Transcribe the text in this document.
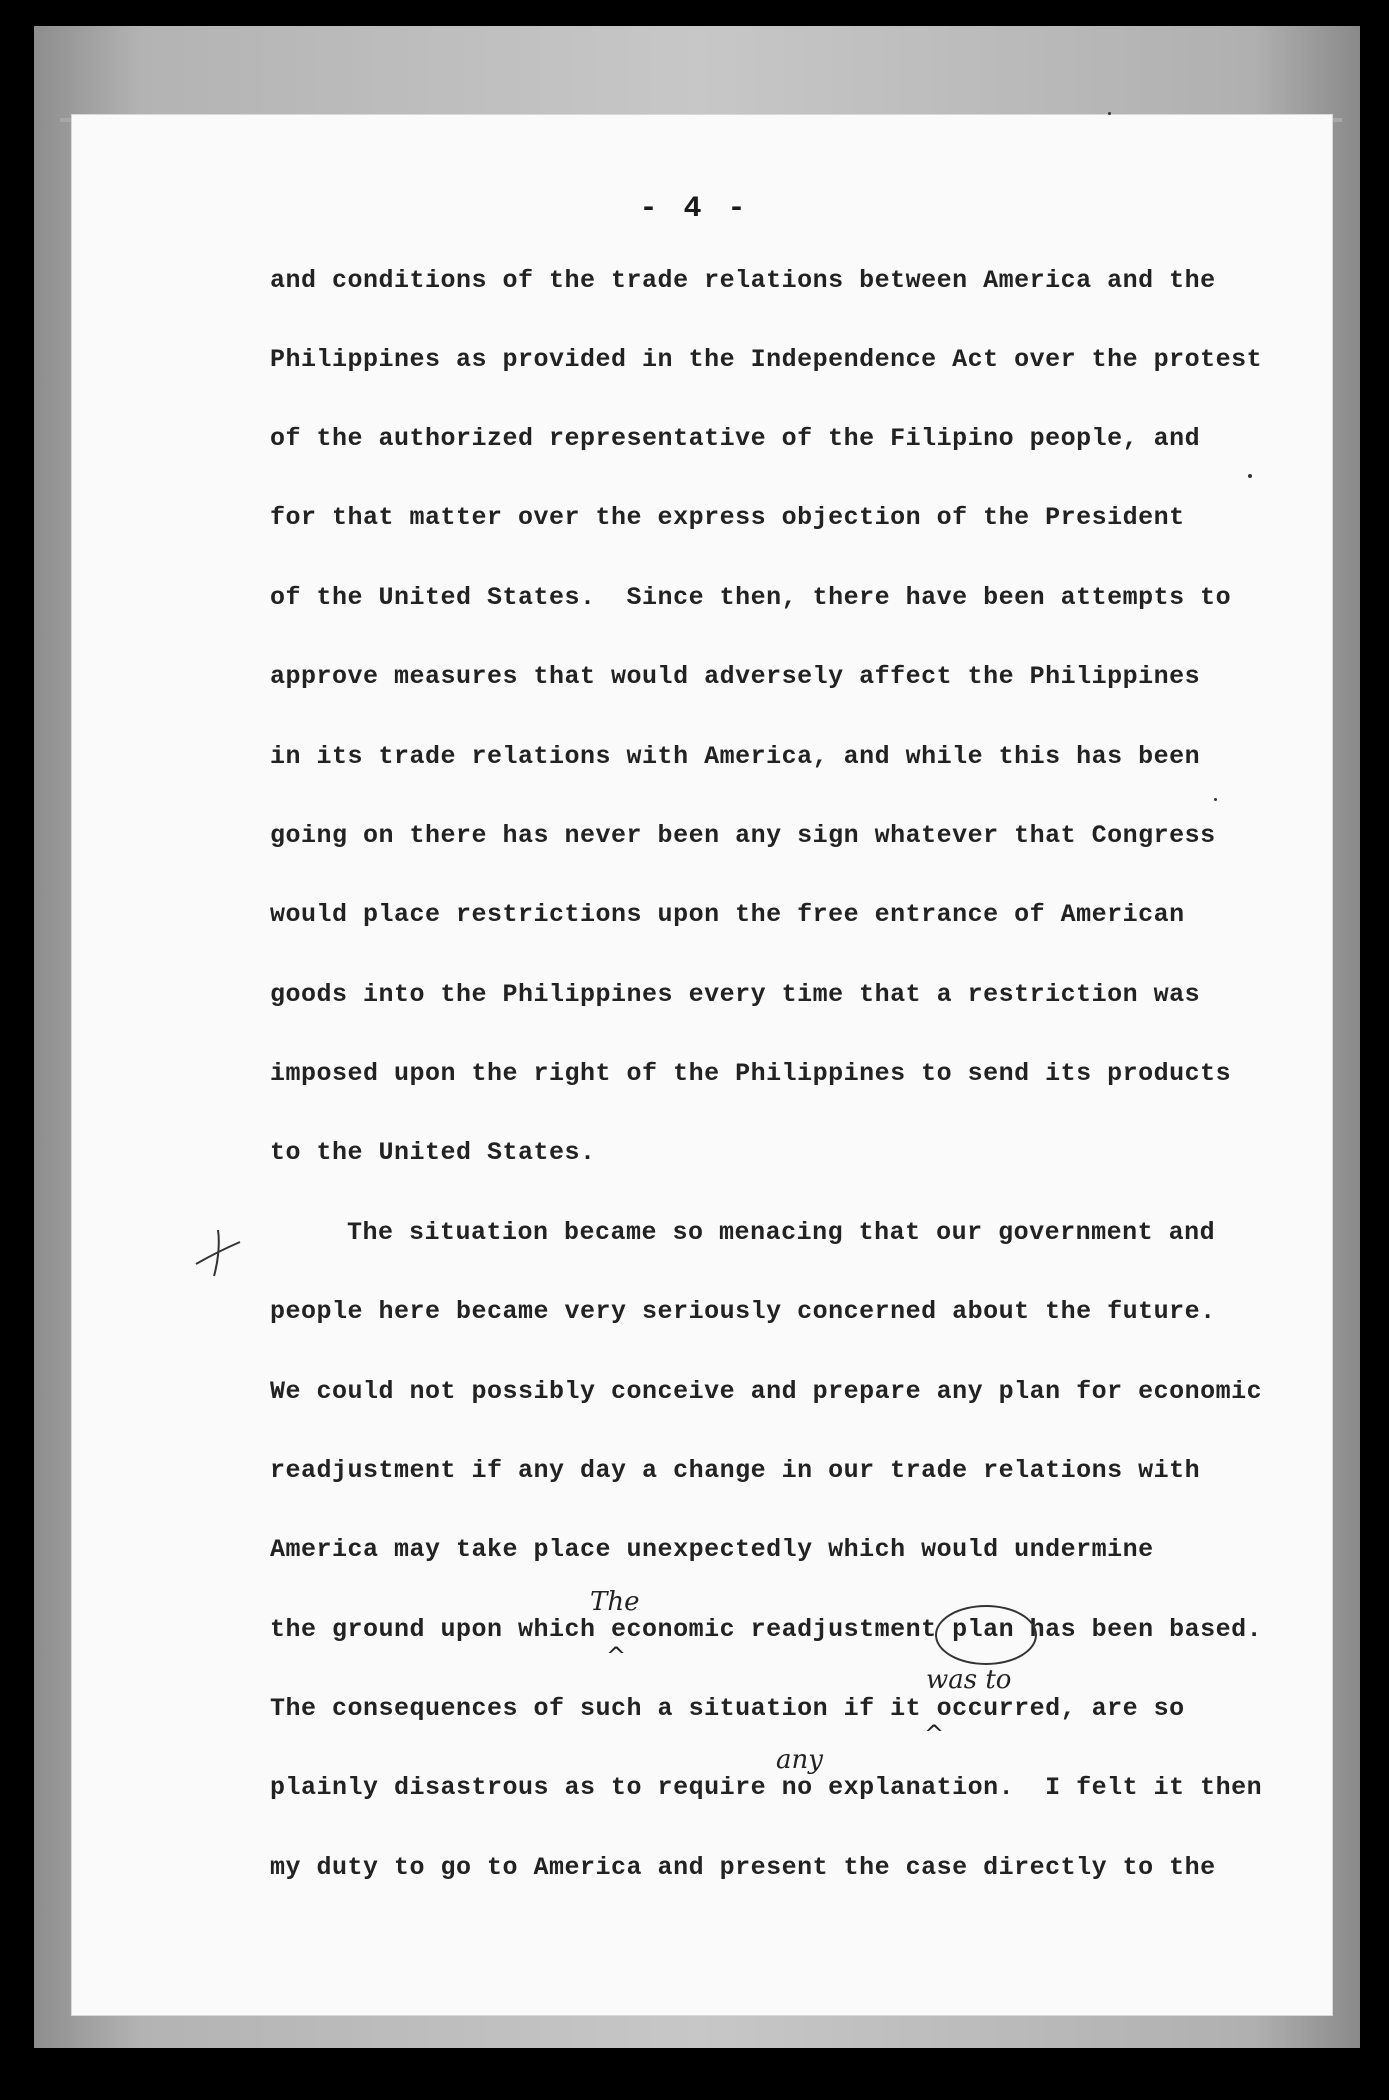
- 4 -
and conditions of the trade relations between America and the
Philippines as provided in the Independence Act over the protest
of the authorized representative of the Filipino people, and
for that matter over the express objection of the President
of the United States.  Since then, there have been attempts to
approve measures that would adversely affect the Philippines
in its trade relations with America, and while this has been
going on there has never been any sign whatever that Congress
would place restrictions upon the free entrance of American
goods into the Philippines every time that a restriction was
imposed upon the right of the Philippines to send its products
to the United States.
The situation became so menacing that our government and
people here became very seriously concerned about the future.
We could not possibly conceive and prepare any plan for economic
readjustment if any day a change in our trade relations with
America may take place unexpectedly which would undermine
the ground upon which economic readjustment plan has been based.
The consequences of such a situation if it occurred, are so
plainly disastrous as to require no explanation.  I felt it then
my duty to go to America and present the case directly to the
The
^
was to
^
any
